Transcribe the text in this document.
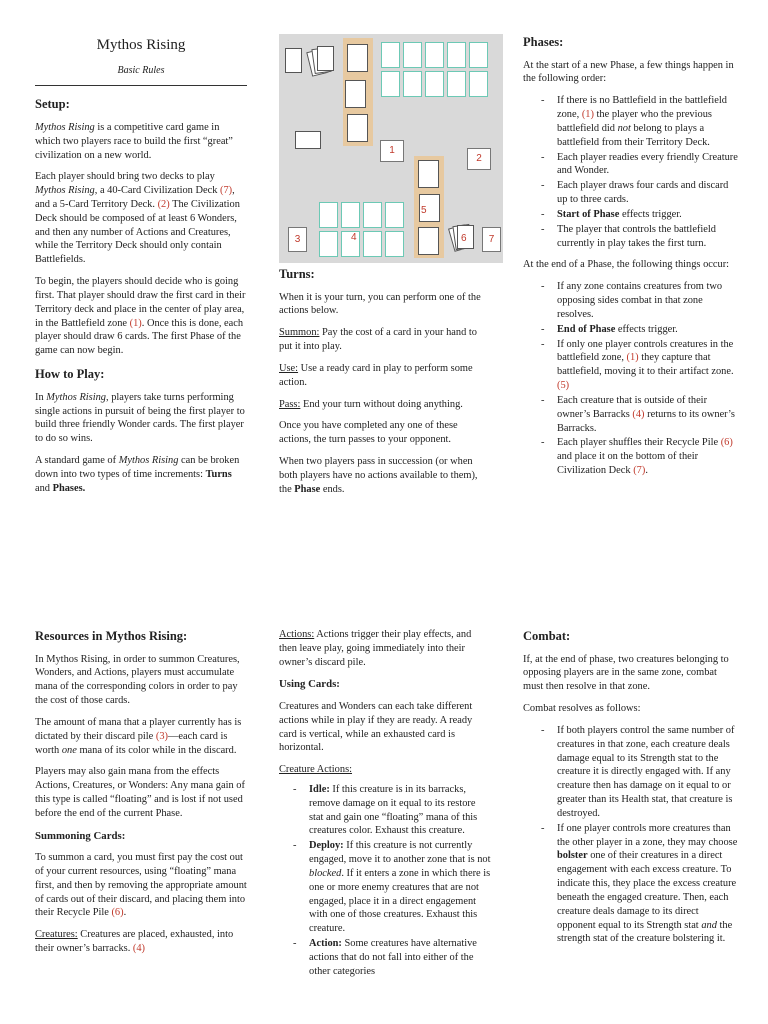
Mythos Rising
Basic Rules
Setup:

Mythos Rising is a competitive card game in which two players race to build the first “great” civilization on a new world.

Each player should bring two decks to play Mythos Rising, a 40-Card Civilization Deck (7), and a 5-Card Territory Deck. (2) The Civilization Deck should be composed of at least 6 Wonders, and then any number of Actions and Creatures, while the Territory Deck should only contain Battlefields.

To begin, the players should decide who is going first. That player should draw the first card in their Territory deck and place in the center of play area, in the Battlefield zone (1). Once this is done, each player should draw 6 cards. The first Phase of the game can now begin.

How to Play:

In Mythos Rising, players take turns performing single actions in pursuit of being the first player to build three friendly Wonder cards. The first player to do so wins.

A standard game of Mythos Rising can be broken down into two types of time increments: Turns and Phases.

Resources in Mythos Rising:

In Mythos Rising, in order to summon Creatures, Wonders, and Actions, players must accumulate mana of the corresponding colors in order to pay the cost of those cards.

The amount of mana that a player currently has is dictated by their discard pile (3)—each card is worth one mana of its color while in the discard.

Players may also gain mana from the effects Actions, Creatures, or Wonders: Any mana gain of this type is called “floating” and is lost if not used before the end of the current Phase.

Summoning Cards:

To summon a card, you must first pay the cost out of your current resources, using “floating” mana first, and then by removing the appropriate amount of cards out of their discard, and placing them into their Recycle Pile (6).

Creatures: Creatures are placed, exhausted, into their owner’s barracks. (4)

1
2
5
4
3	6	7
Turns:

When it is your turn, you can perform one of the actions below.

Summon: Pay the cost of a card in your hand to put it into play.

Use: Use a ready card in play to perform some action.

Pass: End your turn without doing anything.

Once you have completed any one of these actions, the turn passes to your opponent.

When two players pass in succession (or when both players have no actions available to them), the Phase ends.

Actions: Actions trigger their play effects, and then leave play, going immediately into their owner’s discard pile.

Using Cards:

Creatures and Wonders can each take different actions while in play if they are ready. A ready card is vertical, while an exhausted card is horizontal.

Creature Actions:

- Idle: If this creature is in its barracks, remove damage on it equal to its restore stat and gain one “floating” mana of this creatures color. Exhaust this creature.
- Deploy: If this creature is not currently engaged, move it to another zone that is not blocked. If it enters a zone in which there is one or more enemy creatures that are not engaged, place it in a direct engagement with one of those creatures. Exhaust this creature.
- Action: Some creatures have alternative actions that do not fall into either of the other categories
Phases:

At the start of a new Phase, a few things happen in the following order:

- If there is no Battlefield in the battlefield zone, (1) the player who the previous battlefield did not belong to plays a battlefield from their Territory Deck.
- Each player readies every friendly Creature and Wonder.
- Each player draws four cards and discard up to three cards.
- Start of Phase effects trigger.
- The player that controls the battlefield currently in play takes the first turn.

At the end of a Phase, the following things occur:

- If any zone contains creatures from two opposing sides combat in that zone resolves.
- End of Phase effects trigger.
- If only one player controls creatures in the battlefield zone, (1) they capture that battlefield, moving it to their artifact zone. (5)
- Each creature that is outside of their owner’s Barracks (4) returns to its owner’s Barracks.
- Each player shuffles their Recycle Pile (6) and place it on the bottom of their Civilization Deck (7).
Combat:

If, at the end of phase, two creatures belonging to opposing players are in the same zone, combat must then resolve in that zone.

Combat resolves as follows:

- If both players control the same number of creatures in that zone, each creature deals damage equal to its Strength stat to the creature it is directly engaged with. If any creature then has damage on it equal to or greater than its Health stat, that creature is destroyed.
- If one player controls more creatures than the other player in a zone, they may choose bolster one of their creatures in a direct engagement with each excess creature. To indicate this, they place the excess creature beneath the engaged creature. Then, each creature deals damage to its direct opponent equal to its Strength stat and the strength stat of the creature bolstering it.
